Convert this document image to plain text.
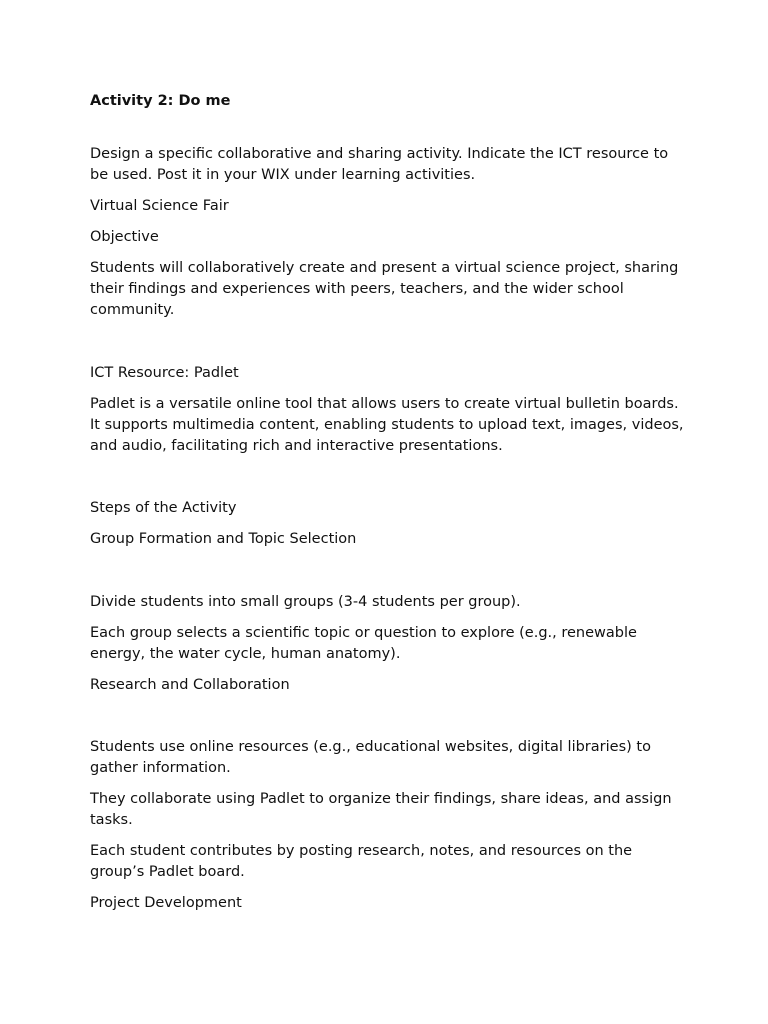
Activity 2: Do me

Design a specific collaborative and sharing activity. Indicate the ICT resource to be used. Post it in your WIX under learning activities.

Virtual Science Fair

Objective

Students will collaboratively create and present a virtual science project, sharing their findings and experiences with peers, teachers, and the wider school community.

ICT Resource: Padlet

Padlet is a versatile online tool that allows users to create virtual bulletin boards. It supports multimedia content, enabling students to upload text, images, videos, and audio, facilitating rich and interactive presentations.

Steps of the Activity

Group Formation and Topic Selection

Divide students into small groups (3-4 students per group).

Each group selects a scientific topic or question to explore (e.g., renewable energy, the water cycle, human anatomy).

Research and Collaboration

Students use online resources (e.g., educational websites, digital libraries) to gather information.

They collaborate using Padlet to organize their findings, share ideas, and assign tasks.

Each student contributes by posting research, notes, and resources on the group’s Padlet board.

Project Development
